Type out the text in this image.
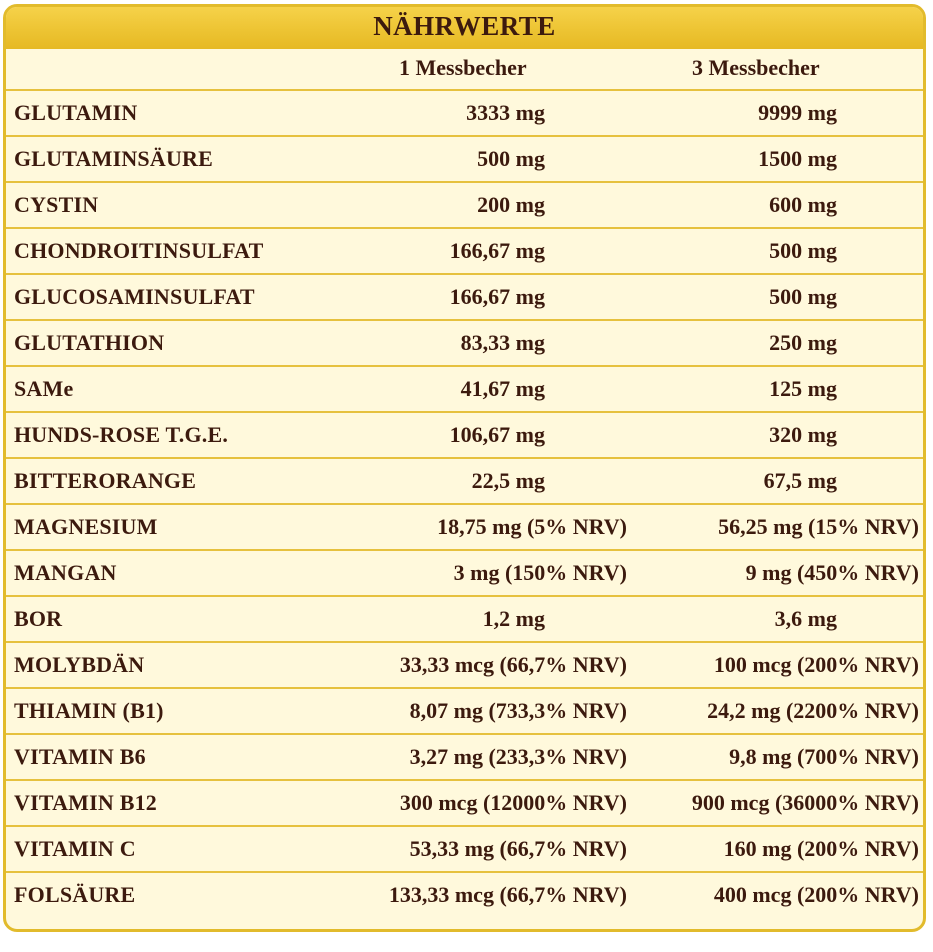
NÄHRWERTE
1 Messbecher	3 Messbecher
GLUTAMIN	3333 mg	9999 mg
GLUTAMINSÄURE	500 mg	1500 mg
CYSTIN	200 mg	600 mg
CHONDROITINSULFAT	166,67 mg	500 mg
GLUCOSAMINSULFAT	166,67 mg	500 mg
GLUTATHION	83,33 mg	250 mg
SAMe	41,67 mg	125 mg
HUNDS-ROSE T.G.E.	106,67 mg	320 mg
BITTERORANGE	22,5 mg	67,5 mg
MAGNESIUM	18,75 mg (5% NRV)	56,25 mg (15% NRV)
MANGAN	3 mg (150% NRV)	9 mg (450% NRV)
BOR	1,2 mg	3,6 mg
MOLYBDÄN	33,33 mcg (66,7% NRV)	100 mcg (200% NRV)
THIAMIN (B1)	8,07 mg (733,3% NRV)	24,2 mg (2200% NRV)
VITAMIN B6	3,27 mg (233,3% NRV)	9,8 mg (700% NRV)
VITAMIN B12	300 mcg (12000% NRV)	900 mcg (36000% NRV)
VITAMIN C	53,33 mg (66,7% NRV)	160 mg (200% NRV)
FOLSÄURE	133,33 mcg (66,7% NRV)	400 mcg (200% NRV)
